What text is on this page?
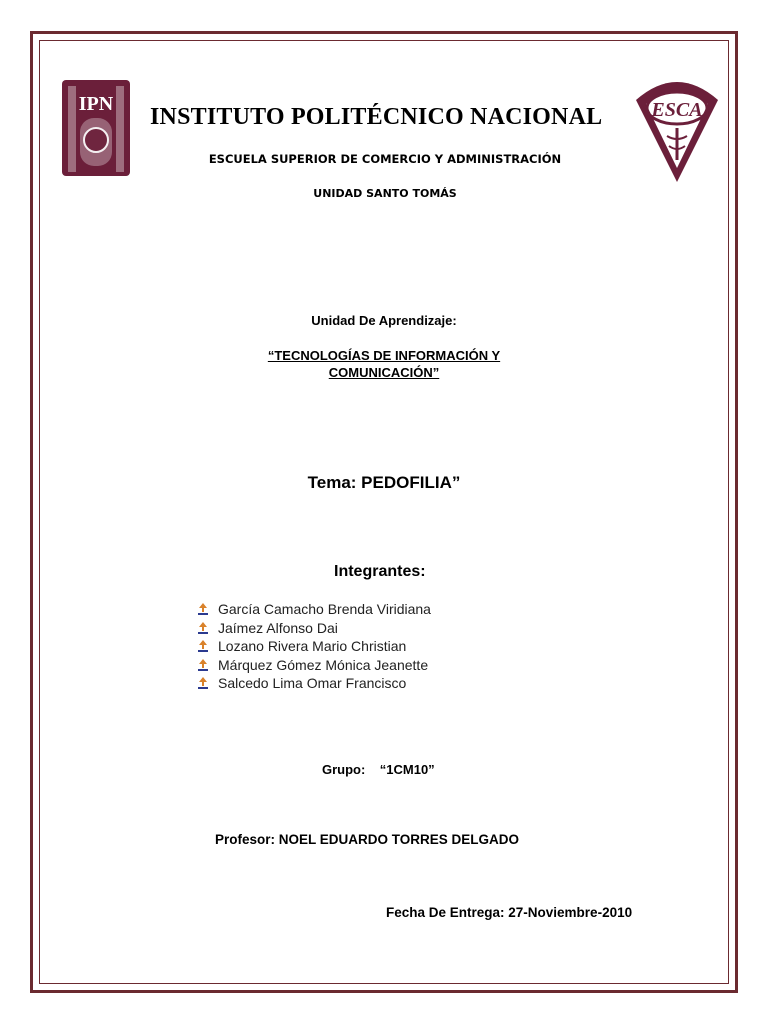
IPN	ESCA
INSTITUTO POLITÉCNICO NACIONAL
ESCUELA SUPERIOR DE COMERCIO Y ADMINISTRACIÓN
UNIDAD SANTO TOMÁS
Unidad De Aprendizaje:
“TECNOLOGÍAS DE INFORMACIÓN Y
COMUNICACIÓN”
Tema: PEDOFILIA”
Integrantes:
García Camacho Brenda Viridiana
Jaímez Alfonso Dai
Lozano Rivera Mario Christian
Márquez Gómez Mónica Jeanette
Salcedo Lima Omar Francisco
Grupo:    “1CM10”
Profesor: NOEL EDUARDO TORRES DELGADO
Fecha De Entrega: 27-Noviembre-2010
